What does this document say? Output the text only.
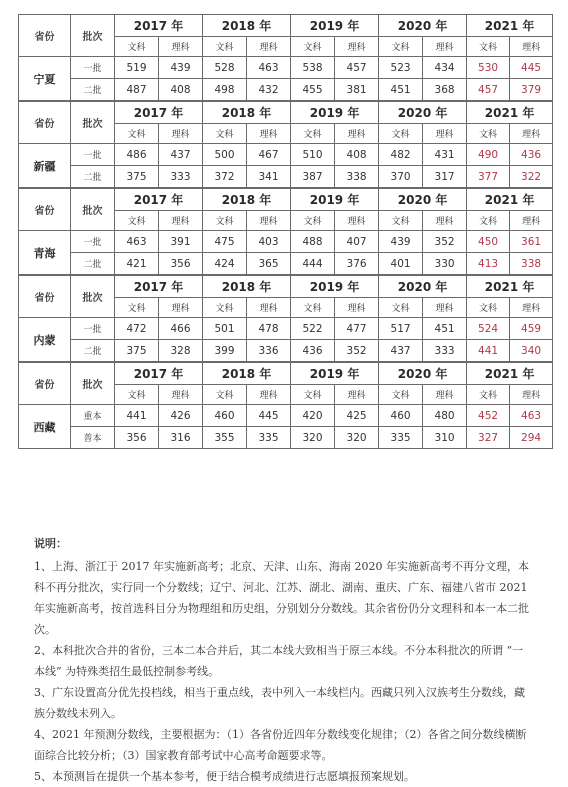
省份	批次	2017 年		2018 年		2019 年		2020 年		2021 年	
		文科	理科	文科	理科	文科	理科	文科	理科	文科	理科
宁夏	一批	519	439	528	463	538	457	523	434	530	445
	二批	487	408	498	432	455	381	451	368	457	379
省份	批次	2017 年		2018 年		2019 年		2020 年		2021 年	
		文科	理科	文科	理科	文科	理科	文科	理科	文科	理科
新疆	一批	486	437	500	467	510	408	482	431	490	436
	二批	375	333	372	341	387	338	370	317	377	322
省份	批次	2017 年		2018 年		2019 年		2020 年		2021 年	
		文科	理科	文科	理科	文科	理科	文科	理科	文科	理科
青海	一批	463	391	475	403	488	407	439	352	450	361
	二批	421	356	424	365	444	376	401	330	413	338
省份	批次	2017 年		2018 年		2019 年		2020 年		2021 年	
		文科	理科	文科	理科	文科	理科	文科	理科	文科	理科
内蒙	一批	472	466	501	478	522	477	517	451	524	459
	二批	375	328	399	336	436	352	437	333	441	340
省份	批次	2017 年		2018 年		2019 年		2020 年		2021 年	
		文科	理科	文科	理科	文科	理科	文科	理科	文科	理科
西藏	重本	441	426	460	445	420	425	460	480	452	463
	普本	356	316	355	335	320	320	335	310	327	294
说明：

1、上海、浙江于 2017 年实施新高考；北京、天津、山东、海南 2020 年实施新高考不再分文理，本科不再分批次，实行同一个分数线；辽宁、河北、江苏、湖北、湖南、重庆、广东、福建八省市 2021 年实施新高考，按首选科目分为物理组和历史组，分别划分分数线。其余省份仍分文理科和本一本二批次。

2、本科批次合并的省份，三本二本合并后，其二本线大致相当于原三本线。不分本科批次的所谓 “一本线” 为特殊类招生最低控制参考线。

3、广东设置高分优先投档线，相当于重点线，表中列入一本线栏内。西藏只列入汉族考生分数线，藏族分数线未列入。

4、2021 年预测分数线，主要根据为：（1）各省份近四年分数线变化规律；（2）各省之间分数线横断面综合比较分析；（3）国家教育部考试中心高考命题要求等。

5、本预测旨在提供一个基本参考，便于结合模考成绩进行志愿填报预案规划。
